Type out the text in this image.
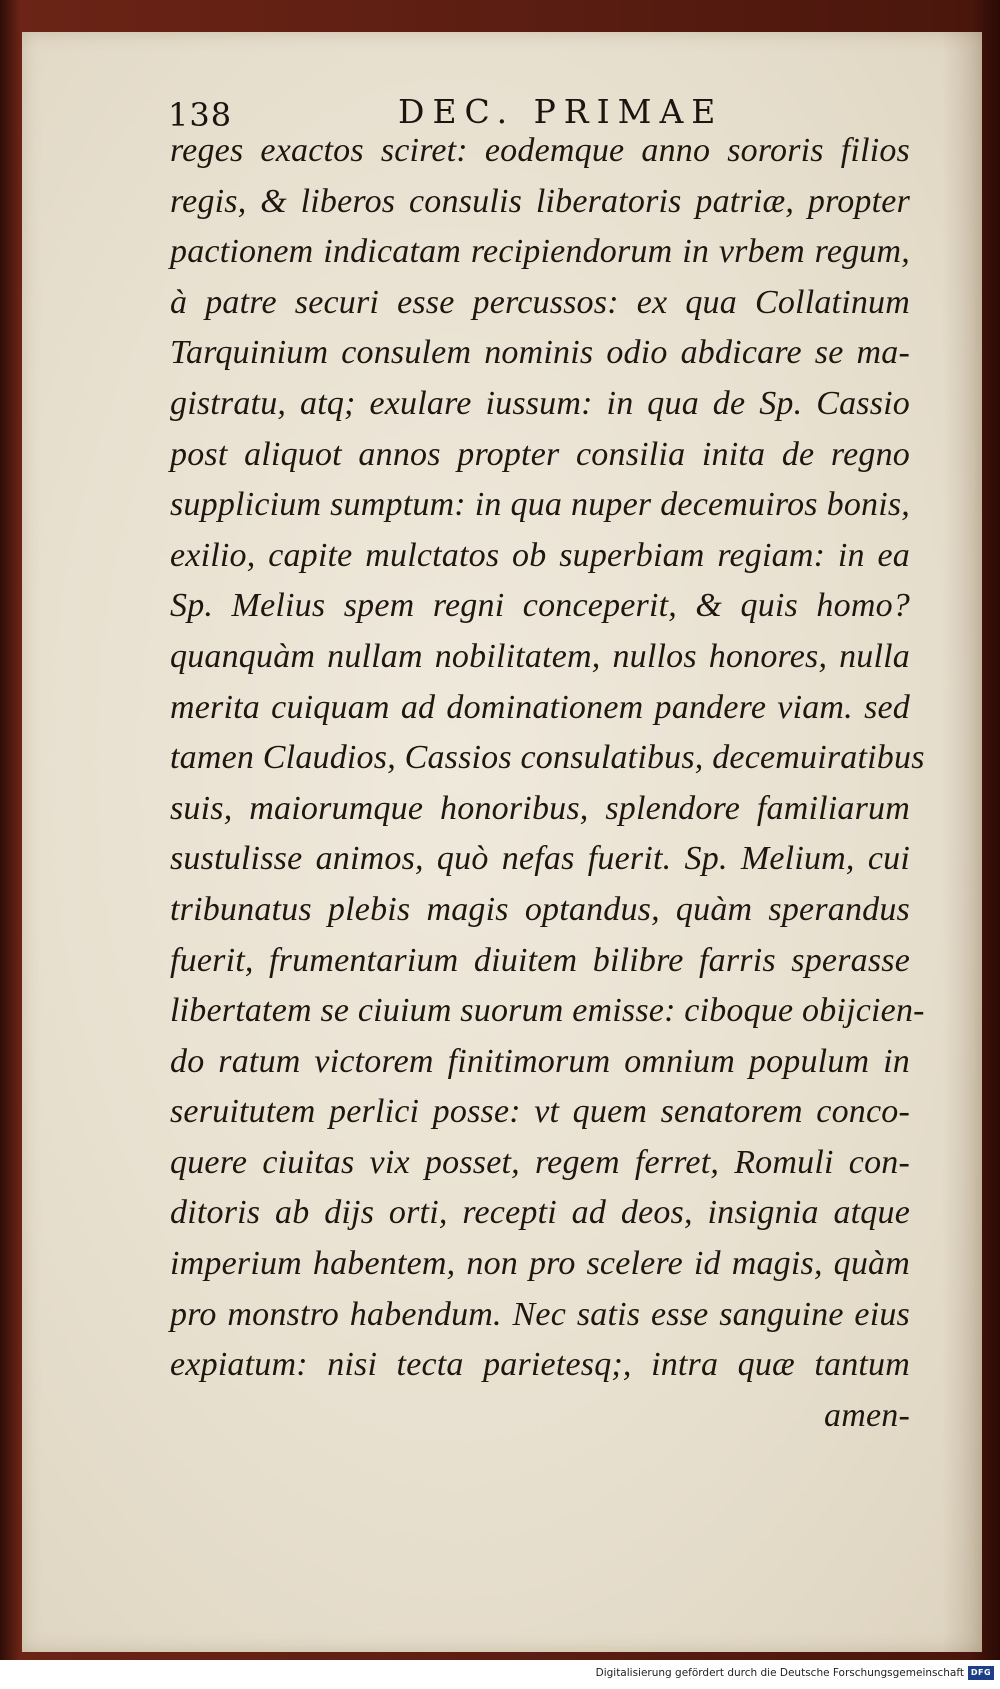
138	DEC. PRIMAE
reges exactos sciret: eodemque anno sororis filios
regis, & liberos consulis liberatoris patriæ, propter
pactionem indicatam recipiendorum in vrbem regum,
à patre securi esse percussos: ex qua Collatinum
Tarquinium consulem nominis odio abdicare se ma-
gistratu, atq; exulare iussum: in qua de Sp. Cassio
post aliquot annos propter consilia inita de regno
supplicium sumptum: in qua nuper decemuiros bonis,
exilio, capite mulctatos ob superbiam regiam: in ea
Sp. Melius spem regni conceperit, & quis homo?
quanquàm nullam nobilitatem, nullos honores, nulla
merita cuiquam ad dominationem pandere viam. sed
tamen Claudios, Cassios consulatibus, decemuiratibus
suis, maiorumque honoribus, splendore familiarum
sustulisse animos, quò nefas fuerit. Sp. Melium, cui
tribunatus plebis magis optandus, quàm sperandus
fuerit, frumentarium diuitem bilibre farris sperasse
libertatem se ciuium suorum emisse: ciboque obijcien-
do ratum victorem finitimorum omnium populum in
seruitutem perlici posse: vt quem senatorem conco-
quere ciuitas vix posset, regem ferret, Romuli con-
ditoris ab dijs orti, recepti ad deos, insignia atque
imperium habentem, non pro scelere id magis, quàm
pro monstro habendum. Nec satis esse sanguine eius
expiatum: nisi tecta parietesq;, intra quæ tantum
amen-
Digitalisierung gefördert durch die Deutsche Forschungsgemeinschaft DFG
